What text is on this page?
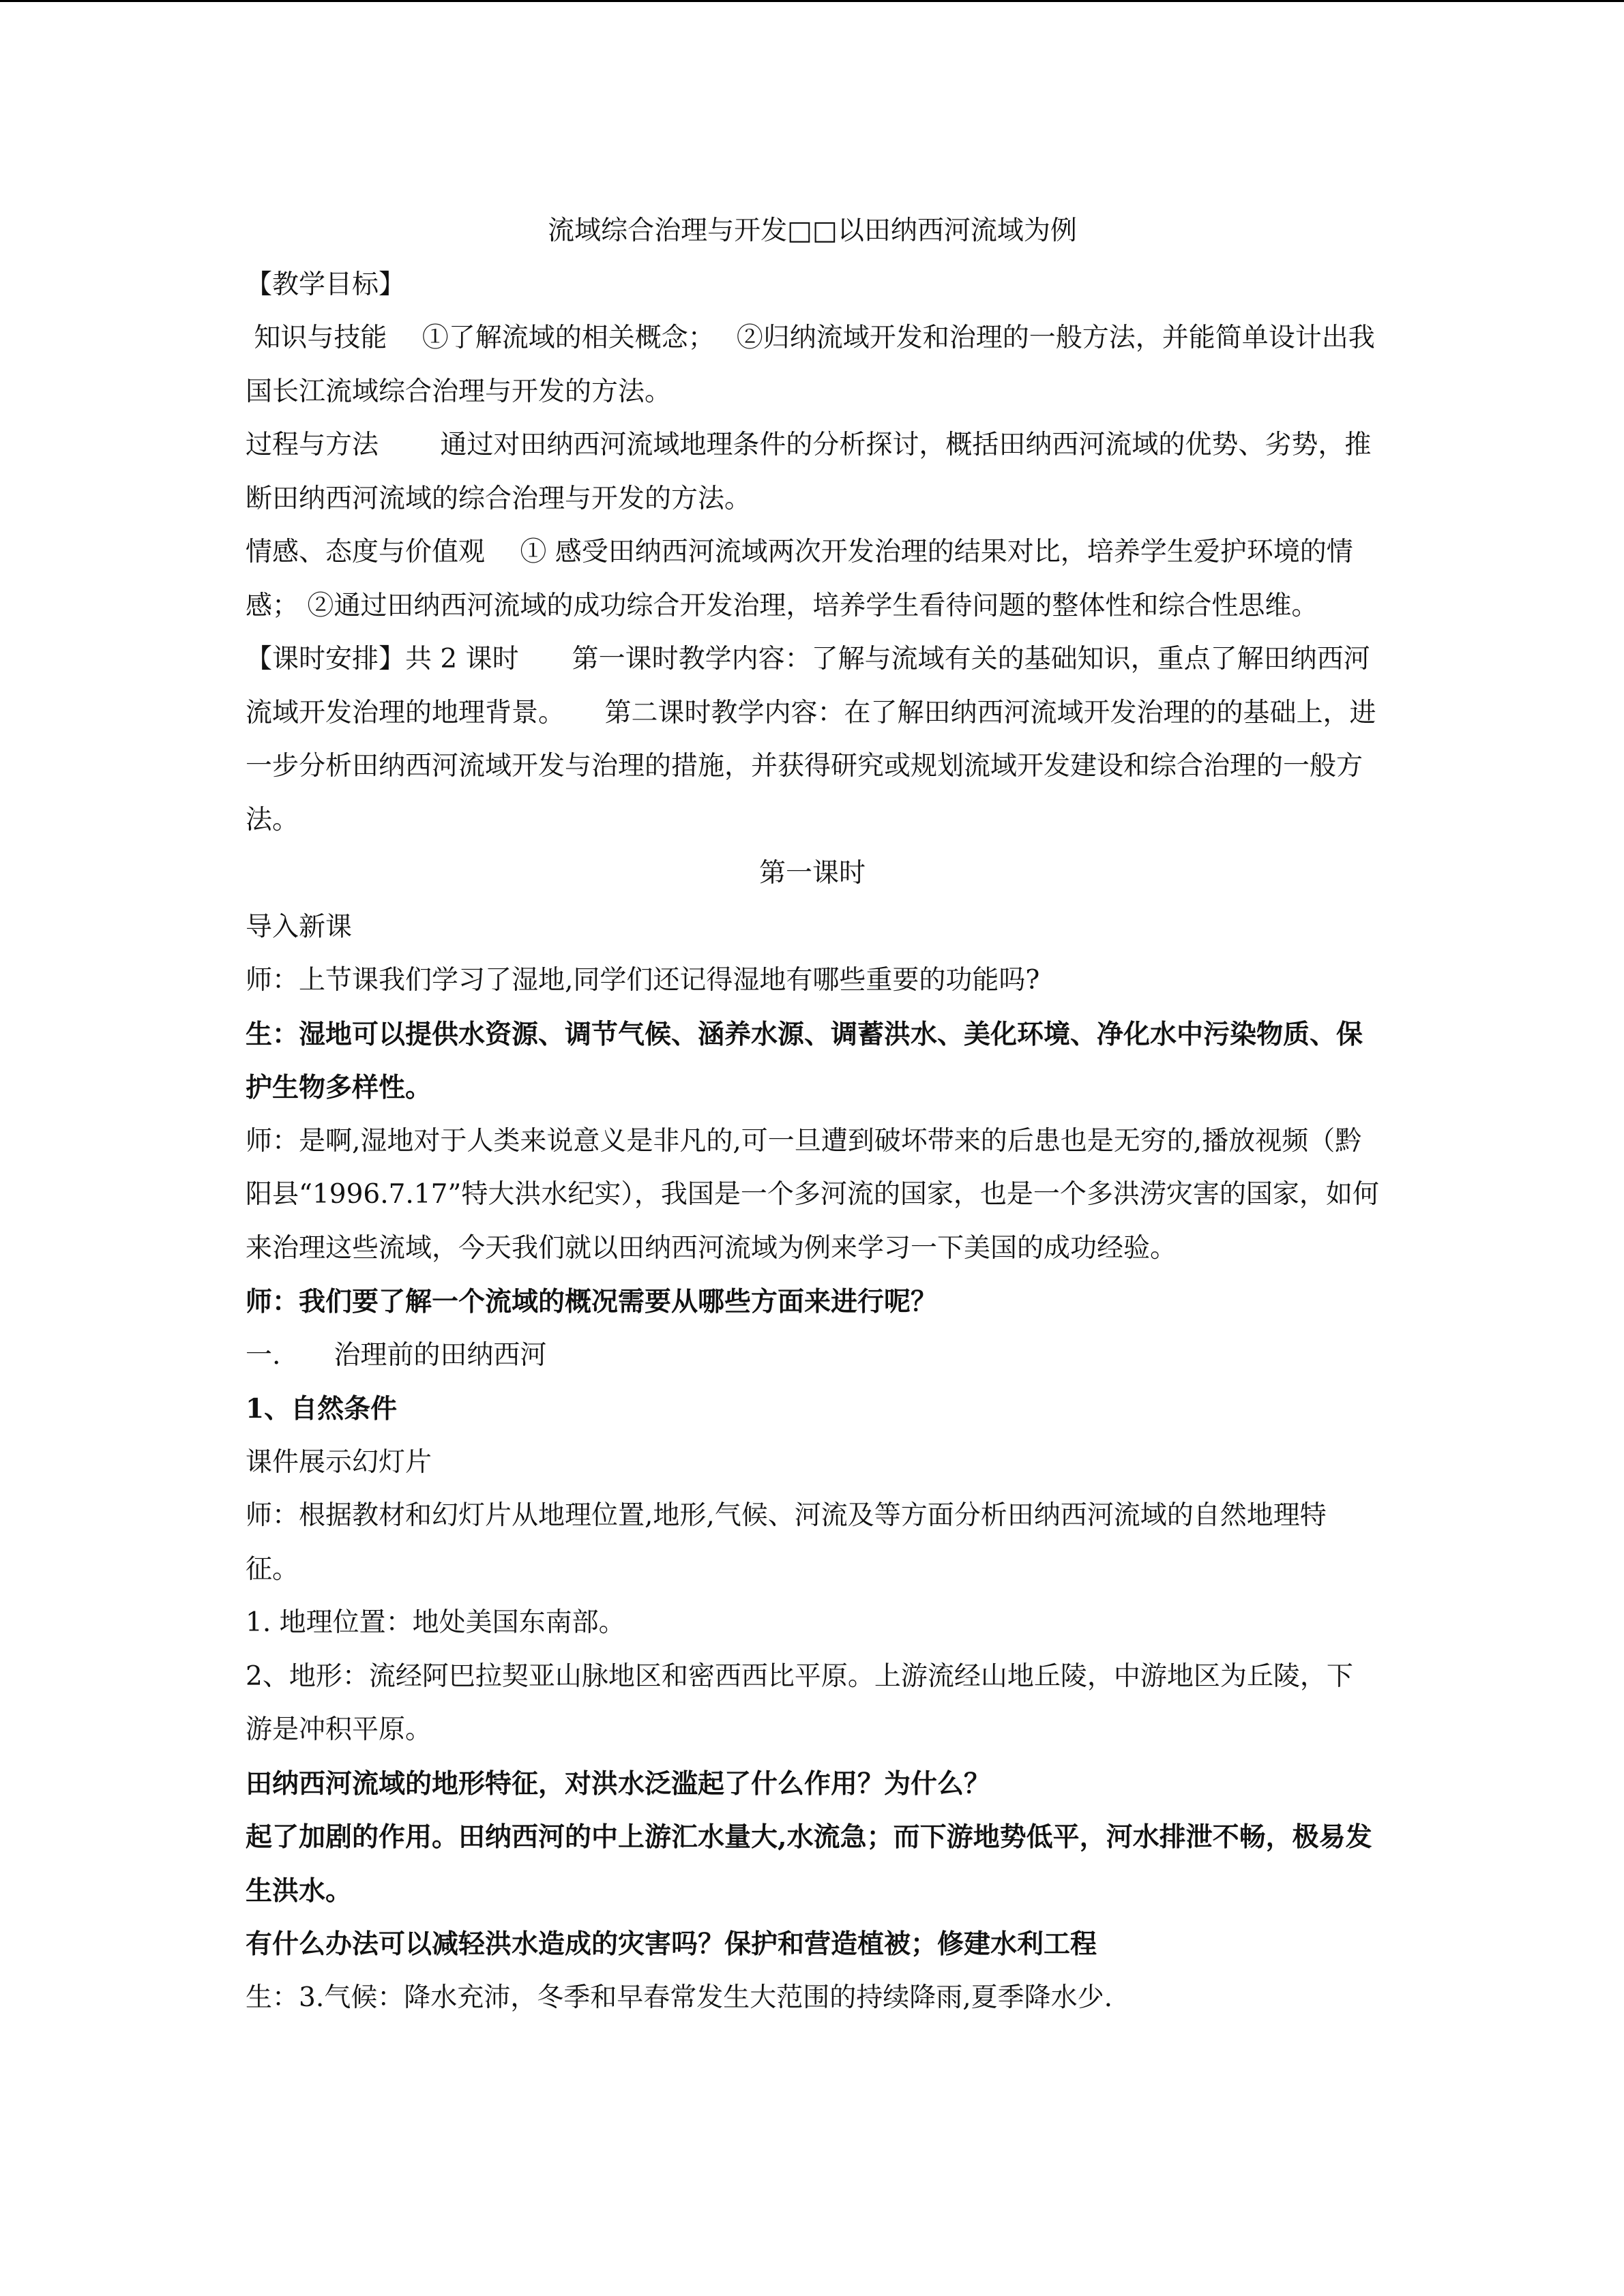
流域综合治理与开发□□以田纳西河流域为例

【教学目标】

知识与技能　 ①了解流域的相关概念；　 ②归纳流域开发和治理的一般方法，并能简单设计出我国长江流域综合治理与开发的方法。

过程与方法　　 通过对田纳西河流域地理条件的分析探讨，概括田纳西河流域的优势、劣势，推断田纳西河流域的综合治理与开发的方法。

情感、态度与价值观　 ① 感受田纳西河流域两次开发治理的结果对比，培养学生爱护环境的情感； ②通过田纳西河流域的成功综合开发治理，培养学生看待问题的整体性和综合性思维。

【课时安排】共 2 课时　　第一课时教学内容：了解与流域有关的基础知识，重点了解田纳西河流域开发治理的地理背景。　　第二课时教学内容：在了解田纳西河流域开发治理的的基础上，进一步分析田纳西河流域开发与治理的措施，并获得研究或规划流域开发建设和综合治理的一般方法。

第一课时

导入新课

师：上节课我们学习了湿地,同学们还记得湿地有哪些重要的功能吗?

生：湿地可以提供水资源、调节气候、涵养水源、调蓄洪水、美化环境、净化水中污染物质、保护生物多样性。

师：是啊,湿地对于人类来说意义是非凡的,可一旦遭到破坏带来的后患也是无穷的,播放视频（黔阳县“1996.7.17”特大洪水纪实），我国是一个多河流的国家，也是一个多洪涝灾害的国家，如何来治理这些流域，今天我们就以田纳西河流域为例来学习一下美国的成功经验。

师：我们要了解一个流域的概况需要从哪些方面来进行呢？

一.　　治理前的田纳西河

1、自然条件

课件展示幻灯片

师：根据教材和幻灯片从地理位置,地形,气候、河流及等方面分析田纳西河流域的自然地理特征。

1. 地理位置：地处美国东南部。

2、地形：流经阿巴拉契亚山脉地区和密西西比平原。上游流经山地丘陵，中游地区为丘陵，下游是冲积平原。

田纳西河流域的地形特征，对洪水泛滥起了什么作用？为什么？

起了加剧的作用。田纳西河的中上游汇水量大,水流急；而下游地势低平，河水排泄不畅，极易发生洪水。

有什么办法可以减轻洪水造成的灾害吗？保护和营造植被；修建水利工程

生：3.气候：降水充沛，冬季和早春常发生大范围的持续降雨,夏季降水少.
